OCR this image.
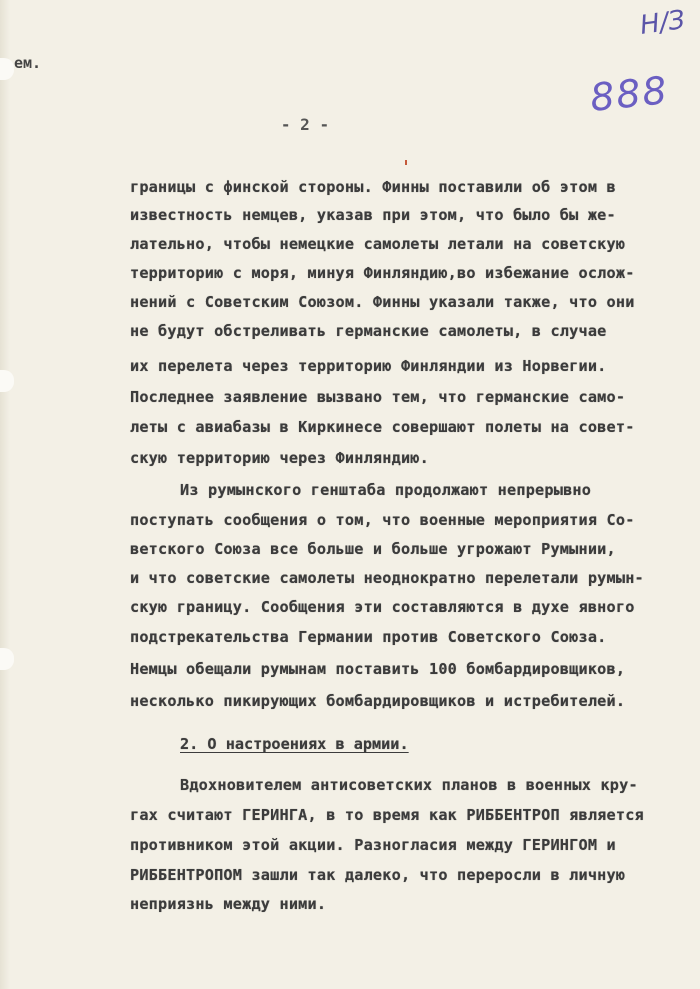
Н/З
888
ем.
- 2 -
границы с финской стороны. Финны поставили об этом в
известность немцев, указав при этом, что было бы же-
лательно, чтобы немецкие самолеты летали на советскую
территорию с моря, минуя Финляндию,во избежание ослож-
нений с Советским Союзом. Финны указали также, что они
не будут обстреливать германские самолеты, в случае
их перелета через территорию Финляндии из Норвегии.
Последнее заявление вызвано тем, что германские само-
леты с авиабазы в Киркинесе совершают полеты на совет-
скую территорию через Финляндию.
Из румынского генштаба продолжают непрерывно
поступать сообщения о том, что военные мероприятия Со-
ветского Союза все больше и больше угрожают Румынии,
и что советские самолеты неоднократно перелетали румын-
скую границу. Сообщения эти составляются в духе явного
подстрекательства Германии против Советского Союза.
Немцы обещали румынам поставить 100 бомбардировщиков,
несколько пикирующих бомбардировщиков и истребителей.
2. О настроениях в армии.
Вдохновителем антисоветских планов в военных кру-
гах считают ГЕРИНГА, в то время как РИББЕНТРОП является
противником этой акции. Разногласия между ГЕРИНГОМ и
РИББЕНТРОПОМ зашли так далеко, что переросли в личную
неприязнь между ними.
